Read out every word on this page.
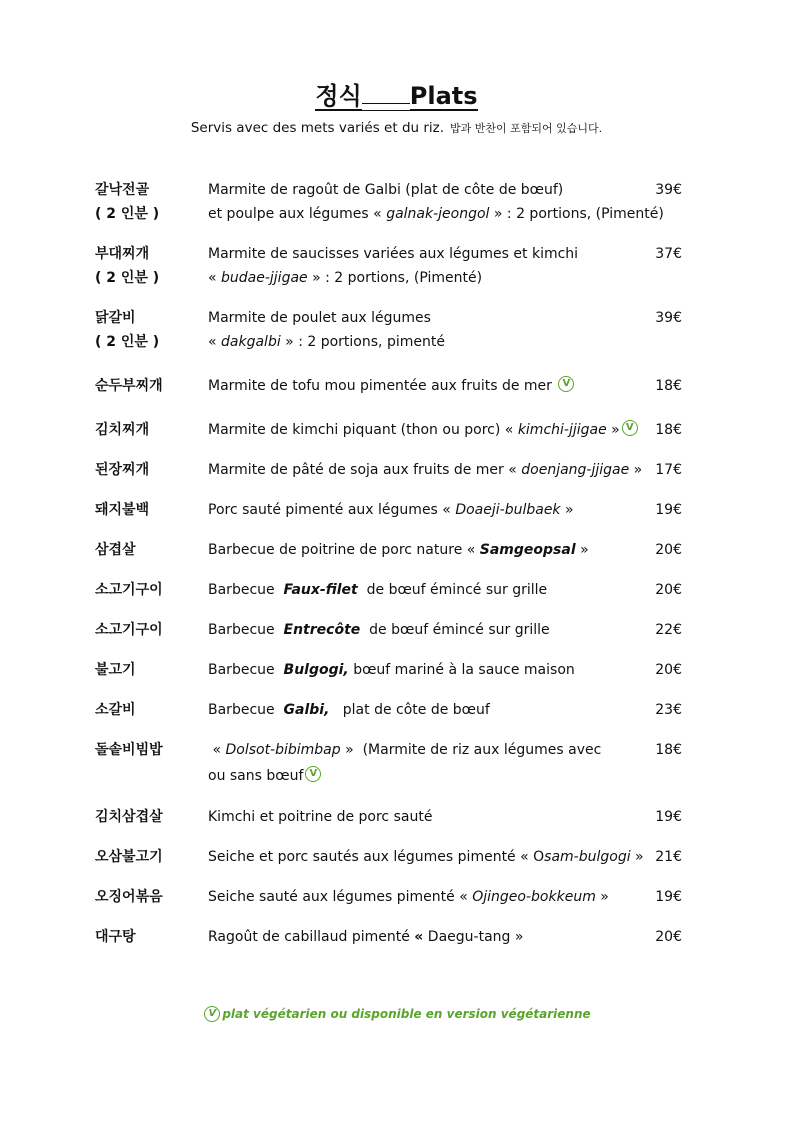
정식 Plats
Servis avec des mets variés et du riz. 밥과 반찬이 포함되어 있습니다.
갈낙전골	Marmite de ragoût de Galbi (plat de côte de bœuf)	39€
( 2 인분 )	et poulpe aux légumes « galnak-jeongol » : 2 portions, (Pimenté)
부대찌개	Marmite de saucisses variées aux légumes et kimchi	37€
( 2 인분 )	« budae-jjigae » : 2 portions, (Pimenté)
닭갈비	Marmite de poulet aux légumes	39€
( 2 인분 )	« dakgalbi » : 2 portions, pimenté
순두부찌개	Marmite de tofu mou pimentée aux fruits de mer V	18€
김치찌개	Marmite de kimchi piquant (thon ou porc) « kimchi-jjigae » V	18€
된장찌개	Marmite de pâté de soja aux fruits de mer « doenjang-jjigae » 17€
돼지불백	Porc sauté pimenté aux légumes « Doaeji-bulbaek »	19€
삼겹살	Barbecue de poitrine de porc nature « Samgeopsal »	20€
소고기구이	Barbecue  Faux-filet  de bœuf émincé sur grille	20€
소고기구이	Barbecue  Entrecôte  de bœuf émincé sur grille	22€
불고기	Barbecue  Bulgogi, bœuf mariné à la sauce maison	20€
소갈비	Barbecue  Galbi,   plat de côte de bœuf	23€
돌솥비빔밥	« Dolsot-bibimbap »  (Marmite de riz aux légumes avec	18€
ou sans bœuf V
김치삼겹살	Kimchi et poitrine de porc sauté	19€
오삼불고기	Seiche et porc sautés aux légumes pimenté « Osam-bulgogi » 21€
오징어볶음	Seiche sauté aux légumes pimenté « Ojingeo-bokkeum »	19€
대구탕	Ragoût de cabillaud pimenté « Daegu-tang »	20€
V plat végétarien ou disponible en version végétarienne
